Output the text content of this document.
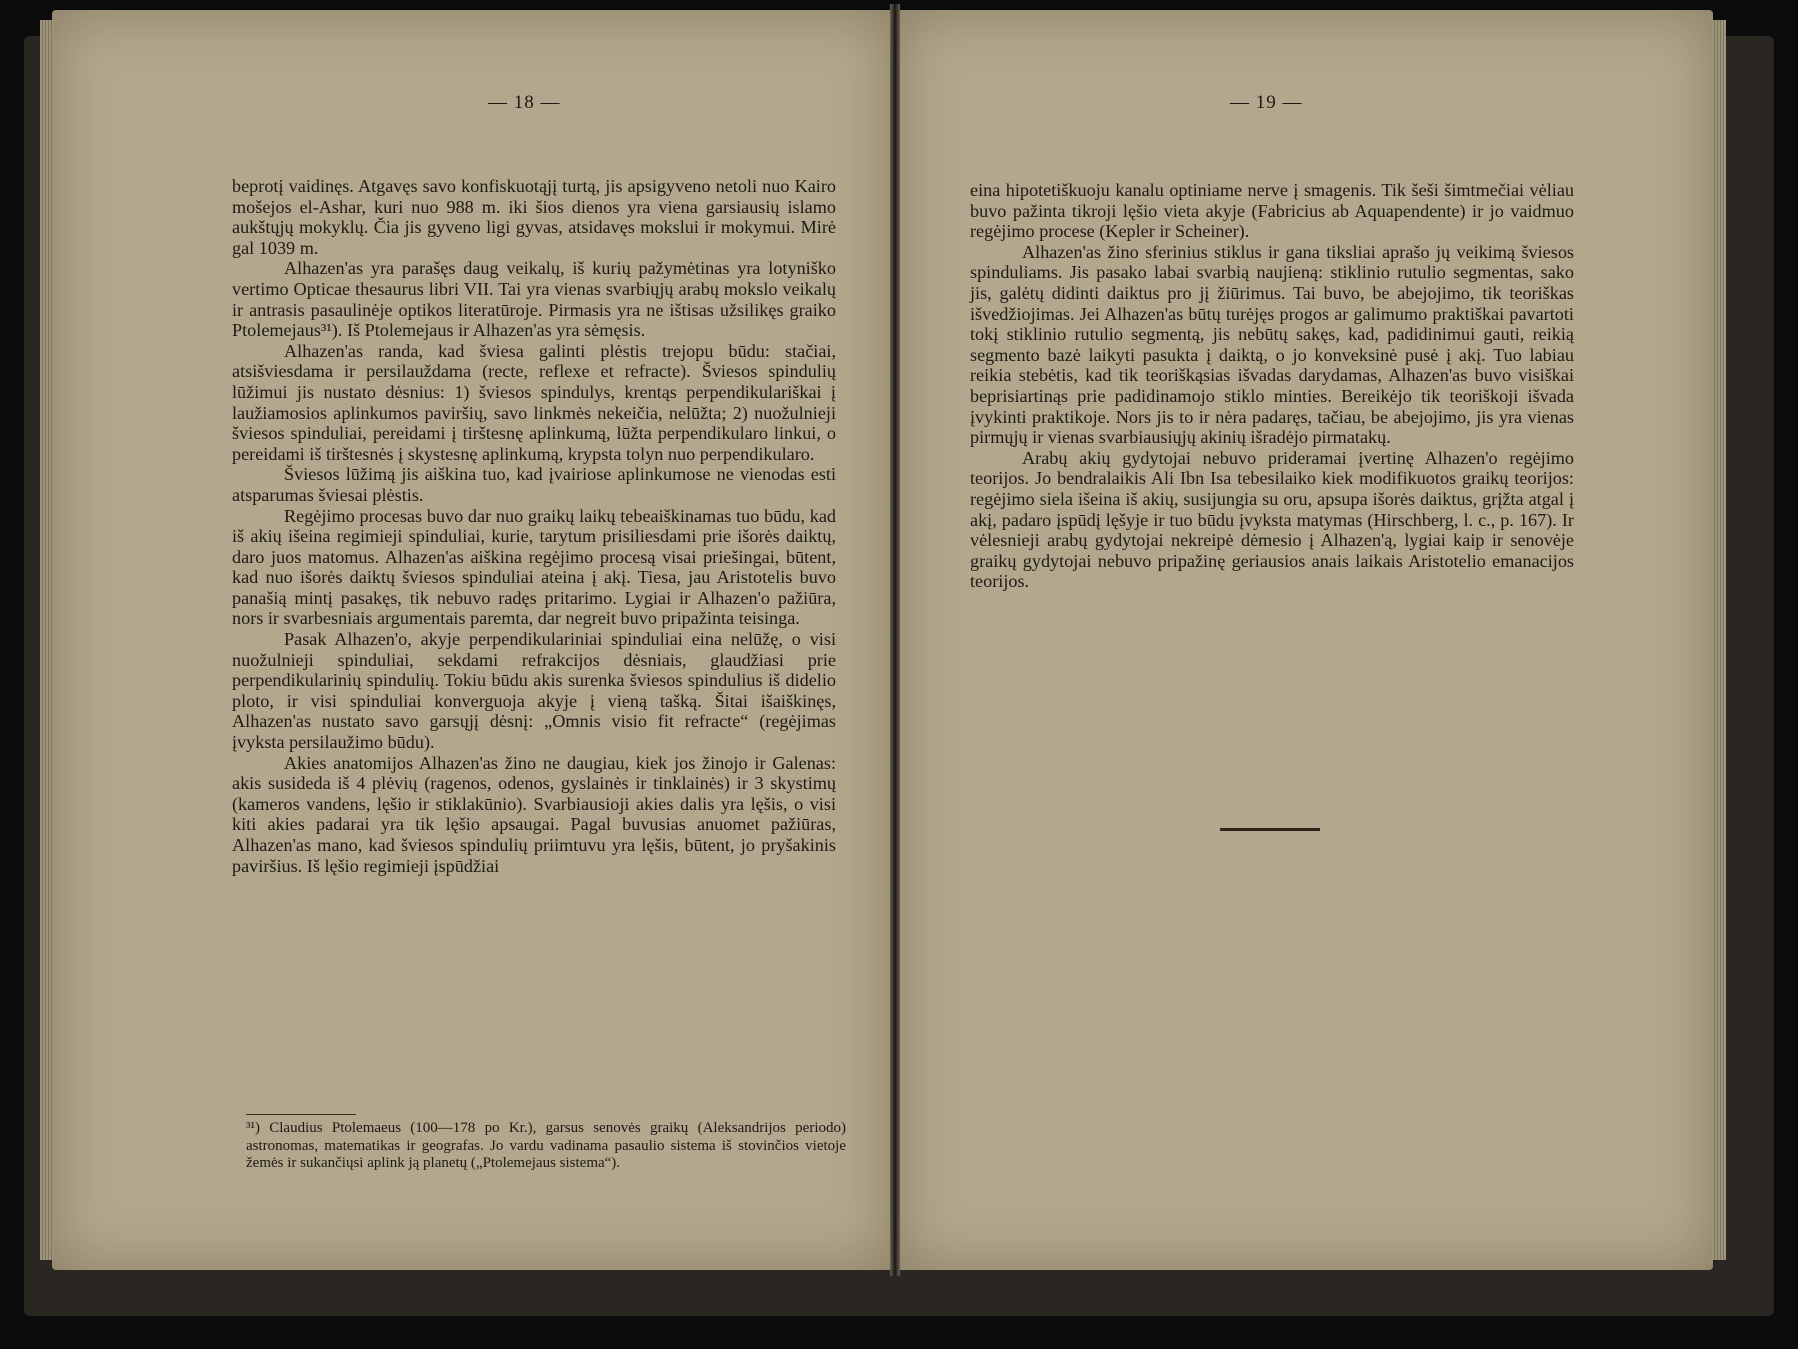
— 18 —	— 19 —

beprotį vaidinęs. Atgavęs savo konfiskuotąjį turtą, jis apsigyveno netoli nuo Kairo mošejos el-Ashar, kuri nuo 988 m. iki šios dienos yra viena garsiausių islamo aukštųjų mokyklų. Čia jis gyveno ligi gyvas, atsidavęs mokslui ir mokymui. Mirė gal 1039 m.

Alhazen'as yra parašęs daug veikalų, iš kurių pažymėtinas yra lotyniško vertimo Opticae thesaurus libri VII. Tai yra vienas svarbiųjų arabų mokslo veikalų ir antrasis pasaulinėje optikos literatūroje. Pirmasis yra ne ištisas užsilikęs graiko Ptolemejaus³¹). Iš Ptolemejaus ir Alhazen'as yra sėmęsis.

Alhazen'as randa, kad šviesa galinti plėstis trejopu būdu: stačiai, atsišviesdama ir persilauždama (recte, reflexe et refracte). Šviesos spindulių lūžimui jis nustato dėsnius: 1) šviesos spindulys, krentąs perpendikulariškai į laužiamosios aplinkumos paviršių, savo linkmės nekeičia, nelūžta; 2) nuožulnieji šviesos spinduliai, pereidami į tirštesnę aplinkumą, lūžta perpendikularo linkui, o pereidami iš tirštesnės į skystesnę aplinkumą, krypsta tolyn nuo perpendikularo.

Šviesos lūžimą jis aiškina tuo, kad įvairiose aplinkumose ne vienodas esti atsparumas šviesai plėstis.

Regėjimo procesas buvo dar nuo graikų laikų tebeaiškinamas tuo būdu, kad iš akių išeina regimieji spinduliai, kurie, tarytum prisiliesdami prie išorės daiktų, daro juos matomus. Alhazen'as aiškina regėjimo procesą visai priešingai, būtent, kad nuo išorės daiktų šviesos spinduliai ateina į akį. Tiesa, jau Aristotelis buvo panašią mintį pasakęs, tik nebuvo radęs pritarimo. Lygiai ir Alhazen'o pažiūra, nors ir svarbesniais argumentais paremta, dar negreit buvo pripažinta teisinga.

Pasak Alhazen'o, akyje perpendikulariniai spinduliai eina nelūžę, o visi nuožulnieji spinduliai, sekdami refrakcijos dėsniais, glaudžiasi prie perpendikularinių spindulių. Tokiu būdu akis surenka šviesos spindulius iš didelio ploto, ir visi spinduliai konverguoja akyje į vieną tašką. Šitai išaiškinęs, Alhazen'as nustato savo garsųjį dėsnį: „Omnis visio fit refracte“ (regėjimas įvyksta persilaužimo būdu).

Akies anatomijos Alhazen'as žino ne daugiau, kiek jos žinojo ir Galenas: akis susideda iš 4 plėvių (ragenos, odenos, gyslainės ir tinklainės) ir 3 skystimų (kameros vandens, lęšio ir stiklakūnio). Svarbiausioji akies dalis yra lęšis, o visi kiti akies padarai yra tik lęšio apsaugai. Pagal buvusias anuomet pažiūras, Alhazen'as mano, kad šviesos spindulių priimtuvu yra lęšis, būtent, jo pryšakinis paviršius. Iš lęšio regimieji įspūdžiai

³¹) Claudius Ptolemaeus (100—178 po Kr.), garsus senovės graikų (Aleksandrijos periodo) astronomas, matematikas ir geografas. Jo vardu vadinama pasaulio sistema iš stovinčios vietoje žemės ir sukančiųsi aplink ją planetų („Ptolemejaus sistema“).

eina hipotetiškuoju kanalu optiniame nerve į smagenis. Tik šeši šimtmečiai vėliau buvo pažinta tikroji lęšio vieta akyje (Fabricius ab Aquapendente) ir jo vaidmuo regėjimo procese (Kepler ir Scheiner).

Alhazen'as žino sferinius stiklus ir gana tiksliai aprašo jų veikimą šviesos spinduliams. Jis pasako labai svarbią naujieną: stiklinio rutulio segmentas, sako jis, galėtų didinti daiktus pro jį žiūrimus. Tai buvo, be abejojimo, tik teoriškas išvedžiojimas. Jei Alhazen'as būtų turėjęs progos ar galimumo praktiškai pavartoti tokį stiklinio rutulio segmentą, jis nebūtų sakęs, kad, padidinimui gauti, reikią segmento bazė laikyti pasukta į daiktą, o jo konveksinė pusė į akį. Tuo labiau reikia stebėtis, kad tik teoriškąsias išvadas darydamas, Alhazen'as buvo visiškai beprisiartinąs prie padidinamojo stiklo minties. Bereikėjo tik teoriškoji išvada įvykinti praktikoje. Nors jis to ir nėra padaręs, tačiau, be abejojimo, jis yra vienas pirmųjų ir vienas svarbiausiųjų akinių išradėjo pirmatakų.

Arabų akių gydytojai nebuvo prideramai įvertinę Alhazen'o regėjimo teorijos. Jo bendralaikis Ali Ibn Isa tebesilaiko kiek modifikuotos graikų teorijos: regėjimo siela išeina iš akių, susijungia su oru, apsupa išorės daiktus, grįžta atgal į akį, padaro įspūdį lęšyje ir tuo būdu įvyksta matymas (Hirschberg, l. c., p. 167). Ir vėlesnieji arabų gydytojai nekreipė dėmesio į Alhazen'ą, lygiai kaip ir senovėje graikų gydytojai nebuvo pripažinę geriausios anais laikais Aristotelio emanacijos teorijos.
